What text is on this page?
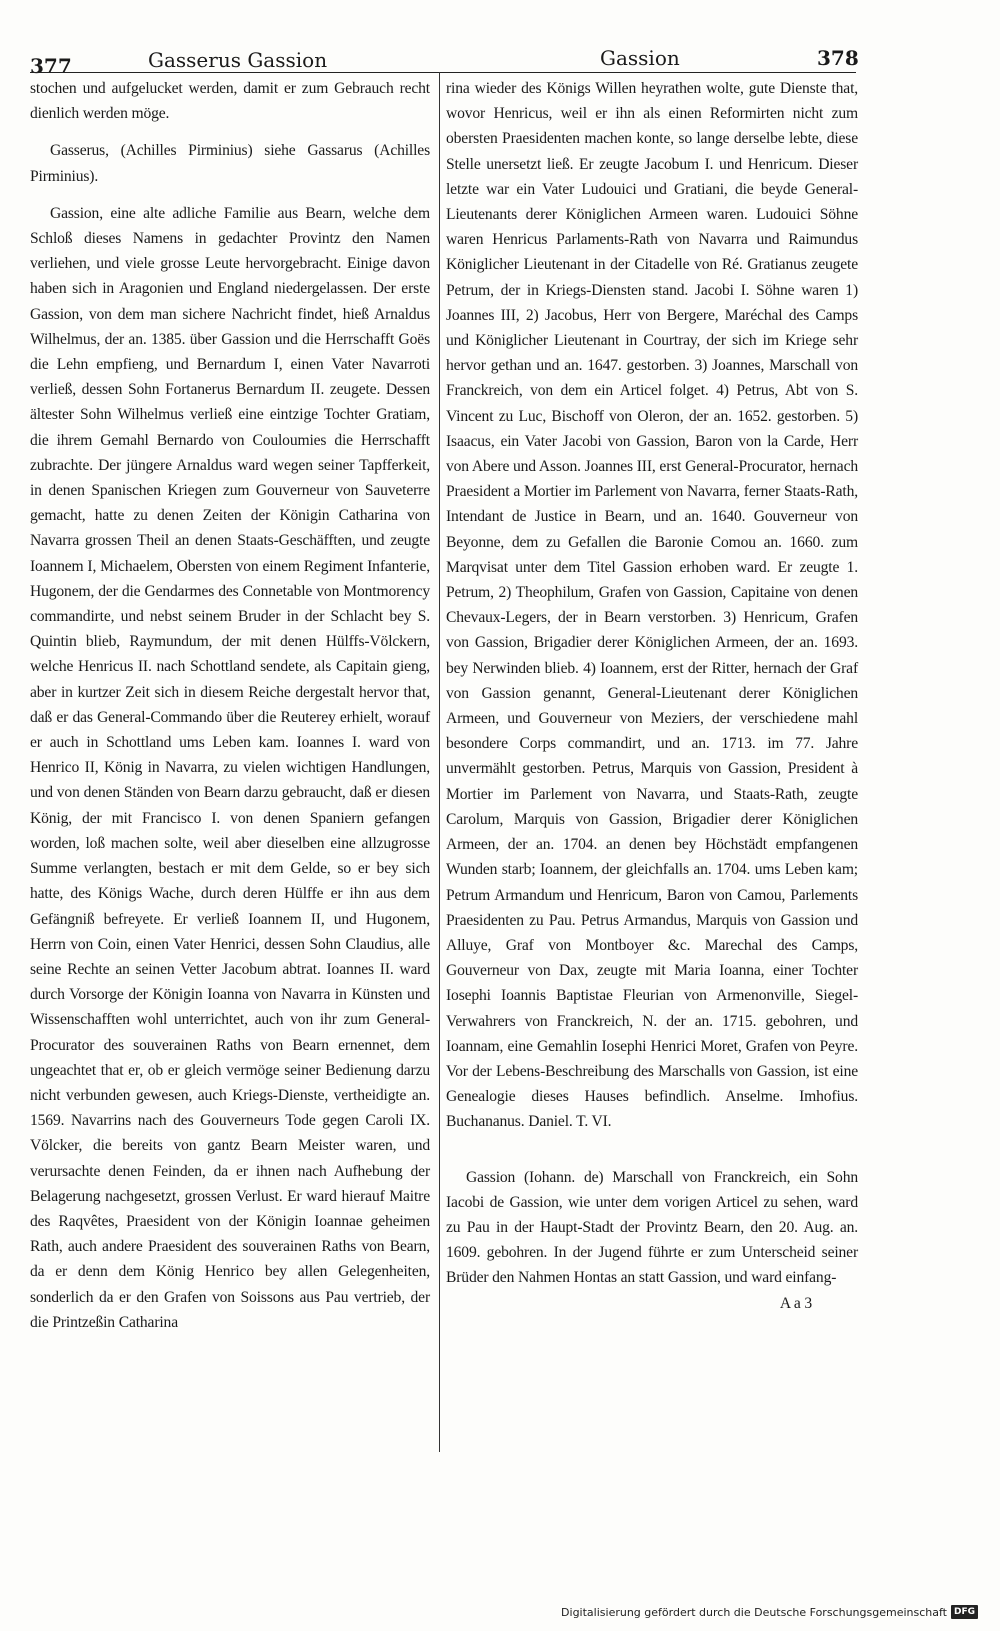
377	Gasserus Gassion	Gassion	378

stochen und aufgelucket werden, damit er zum Gebrauch recht dienlich werden möge.

Gasserus, (Achilles Pirminius) siehe Gassarus (Achilles Pirminius).

Gassion, eine alte adliche Familie aus Bearn, welche dem Schloß dieses Namens in gedachter Provintz den Namen verliehen, und viele grosse Leute hervorgebracht. Einige davon haben sich in Aragonien und England niedergelassen. Der erste Gassion, von dem man sichere Nachricht findet, hieß Arnaldus Wilhelmus, der an. 1385. über Gassion und die Herrschafft Goës die Lehn empfieng, und Bernardum I, einen Vater Navarroti verließ, dessen Sohn Fortanerus Bernardum II. zeugete. Dessen ältester Sohn Wilhelmus verließ eine eintzige Tochter Gratiam, die ihrem Gemahl Bernardo von Couloumies die Herrschafft zubrachte. Der jüngere Arnaldus ward wegen seiner Tapfferkeit, in denen Spanischen Kriegen zum Gouverneur von Sauveterre gemacht, hatte zu denen Zeiten der Königin Catharina von Navarra grossen Theil an denen Staats-Geschäfften, und zeugte Ioannem I, Michaelem, Obersten von einem Regiment Infanterie, Hugonem, der die Gendarmes des Connetable von Montmorency commandirte, und nebst seinem Bruder in der Schlacht bey S. Quintin blieb, Raymundum, der mit denen Hülffs-Völckern, welche Henricus II. nach Schottland sendete, als Capitain gieng, aber in kurtzer Zeit sich in diesem Reiche dergestalt hervor that, daß er das General-Commando über die Reuterey erhielt, worauf er auch in Schottland ums Leben kam. Ioannes I. ward von Henrico II, König in Navarra, zu vielen wichtigen Handlungen, und von denen Ständen von Bearn darzu gebraucht, daß er diesen König, der mit Francisco I. von denen Spaniern gefangen worden, loß machen solte, weil aber dieselben eine allzugrosse Summe verlangten, bestach er mit dem Gelde, so er bey sich hatte, des Königs Wache, durch deren Hülffe er ihn aus dem Gefängniß befreyete. Er verließ Ioannem II, und Hugonem, Herrn von Coin, einen Vater Henrici, dessen Sohn Claudius, alle seine Rechte an seinen Vetter Jacobum abtrat. Ioannes II. ward durch Vorsorge der Königin Ioanna von Navarra in Künsten und Wissenschafften wohl unterrichtet, auch von ihr zum General-Procurator des souverainen Raths von Bearn ernennet, dem ungeachtet that er, ob er gleich vermöge seiner Bedienung darzu nicht verbunden gewesen, auch Kriegs-Dienste, vertheidigte an. 1569. Navarrins nach des Gouverneurs Tode gegen Caroli IX. Völcker, die bereits von gantz Bearn Meister waren, und verursachte denen Feinden, da er ihnen nach Aufhebung der Belagerung nachgesetzt, grossen Verlust. Er ward hierauf Maitre des Raqvêtes, Praesident von der Königin Ioannae geheimen Rath, auch andere Praesident des souverainen Raths von Bearn, da er denn dem König Henrico bey allen Gelegenheiten, sonderlich da er den Grafen von Soissons aus Pau vertrieb, der die Printzeßin Catharina

rina wieder des Königs Willen heyrathen wolte, gute Dienste that, wovor Henricus, weil er ihn als einen Reformirten nicht zum obersten Praesidenten machen konte, so lange derselbe lebte, diese Stelle unersetzt ließ. Er zeugte Jacobum I. und Henricum. Dieser letzte war ein Vater Ludouici und Gratiani, die beyde General-Lieutenants derer Königlichen Armeen waren. Ludouici Söhne waren Henricus Parlaments-Rath von Navarra und Raimundus Königlicher Lieutenant in der Citadelle von Ré. Gratianus zeugete Petrum, der in Kriegs-Diensten stand. Jacobi I. Söhne waren 1) Joannes III, 2) Jacobus, Herr von Bergere, Maréchal des Camps und Königlicher Lieutenant in Courtray, der sich im Kriege sehr hervor gethan und an. 1647. gestorben. 3) Joannes, Marschall von Franckreich, von dem ein Articel folget. 4) Petrus, Abt von S. Vincent zu Luc, Bischoff von Oleron, der an. 1652. gestorben. 5) Isaacus, ein Vater Jacobi von Gassion, Baron von la Carde, Herr von Abere und Asson. Joannes III, erst General-Procurator, hernach Praesident a Mortier im Parlement von Navarra, ferner Staats-Rath, Intendant de Justice in Bearn, und an. 1640. Gouverneur von Beyonne, dem zu Gefallen die Baronie Comou an. 1660. zum Marqvisat unter dem Titel Gassion erhoben ward. Er zeugte 1. Petrum, 2) Theophilum, Grafen von Gassion, Capitaine von denen Chevaux-Legers, der in Bearn verstorben. 3) Henricum, Grafen von Gassion, Brigadier derer Königlichen Armeen, der an. 1693. bey Nerwinden blieb. 4) Ioannem, erst der Ritter, hernach der Graf von Gassion genannt, General-Lieutenant derer Königlichen Armeen, und Gouverneur von Meziers, der verschiedene mahl besondere Corps commandirt, und an. 1713. im 77. Jahre unvermählt gestorben. Petrus, Marquis von Gassion, President à Mortier im Parlement von Navarra, und Staats-Rath, zeugte Carolum, Marquis von Gassion, Brigadier derer Königlichen Armeen, der an. 1704. an denen bey Höchstädt empfangenen Wunden starb; Ioannem, der gleichfalls an. 1704. ums Leben kam; Petrum Armandum und Henricum, Baron von Camou, Parlements Praesidenten zu Pau. Petrus Armandus, Marquis von Gassion und Alluye, Graf von Montboyer &c. Marechal des Camps, Gouverneur von Dax, zeugte mit Maria Ioanna, einer Tochter Iosephi Ioannis Baptistae Fleurian von Armenonville, Siegel-Verwahrers von Franckreich, N. der an. 1715. gebohren, und Ioannam, eine Gemahlin Iosephi Henrici Moret, Grafen von Peyre. Vor der Lebens-Beschreibung des Marschalls von Gassion, ist eine Genealogie dieses Hauses befindlich. Anselme. Imhofius. Buchananus. Daniel. T. VI.

Gassion (Iohann. de) Marschall von Franckreich, ein Sohn Iacobi de Gassion, wie unter dem vorigen Articel zu sehen, ward zu Pau in der Haupt-Stadt der Provintz Bearn, den 20. Aug. an. 1609. gebohren. In der Jugend führte er zum Unterscheid seiner Brüder den Nahmen Hontas an statt Gassion, und ward einfang-

A a 3

Digitalisierung gefördert durch die Deutsche Forschungsgemeinschaft DFG
